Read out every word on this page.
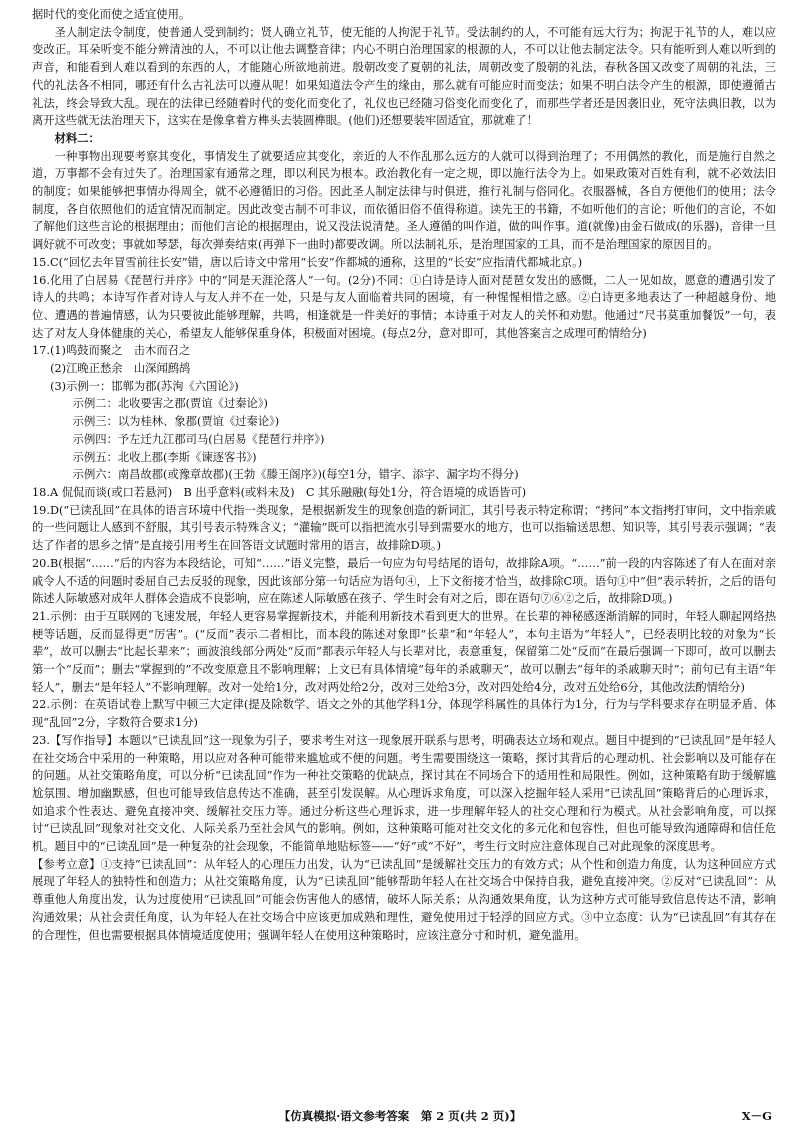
据时代的变化而使之适宜使用。

圣人制定法令制度，使普通人受到制约；贤人确立礼节，使无能的人拘泥于礼节。受法制约的人，不可能有远大行为；拘泥于礼节的人，难以应变改正。耳朵听变不能分辨清浊的人，不可以让他去调整音律；内心不明白治理国家的根源的人，不可以让他去制定法令。只有能听到人难以听到的声音，和能看到人难以看到的东西的人，才能随心所欲地前进。殷朝改变了夏朝的礼法，周朝改变了殷朝的礼法，春秋各国又改变了周朝的礼法，三代的礼法各不相同，哪还有什么古礼法可以遵从呢！如果知道法令产生的缘由，那么就有可能应时而变法；如果不明白法令产生的根源，即使遵循古礼法，终会导致大乱。现在的法律已经随着时代的变化而变化了，礼仪也已经随习俗变化而变化了，而那些学者还是因袭旧业，死守法典旧教，以为离开这些就无法治理天下，这实在是像拿着方榫头去装圆榫眼。(他们)还想要装牢固适宜，那就难了！

材料二：

一种事物出现要考察其变化，事情发生了就要适应其变化，亲近的人不作乱那么远方的人就可以得到治理了；不用偶然的教化，而是施行自然之道，万事都不会有过失了。治理国家有通常之理，即以利民为根本。政治教化有一定之规，即以施行法令为上。如果政策对百姓有利，就不必效法旧的制度；如果能够把事情办得周全，就不必遵循旧的习俗。因此圣人制定法律与时俱进，推行礼制与俗同化。衣服器械，各自方便他们的使用；法令制度，各自依照他们的适宜情况而制定。因此改变古制不可非议，而依循旧俗不值得称道。读先王的书籍，不如听他们的言论；听他们的言论，不如了解他们这些言论的根据理由；而他们言论的根据理由，说又没法说清楚。圣人遵循的叫作道，做的叫作事。道(就像)由金石做成(的乐器)，音律一旦调好就不可改变；事就如琴瑟，每次弹奏结束(再弹下一曲时)都要改调。所以法制礼乐，是治理国家的工具，而不是治理国家的原因目的。

15.C(“回忆去年冒雪前往长安”错，唐以后诗文中常用“长安”作都城的通称，这里的“长安”应指清代都城北京。)

16.化用了白居易《琵琶行并序》中的“同是天涯沦落人”一句。(2分)不同：①白诗是诗人面对琵琶女发出的感慨，二人一见如故，愿意的遭遇引发了诗人的共鸣；本诗写作者对诗人与友人并不在一处，只是与友人面临着共同的困境，有一种惺惺相惜之感。②白诗更多地表达了一种超越身份、地位、遭遇的普遍情感，认为只要彼此能够理解，共鸣，相逢就是一件美好的事情；本诗重于对友人的关怀和劝慰。他通过“尺书莫重加餐饭”一句，表达了对友人身体健康的关心，希望友人能够保重身体，积极面对困境。(每点2分，意对即可，其他答案言之成理可酌情给分)

17.(1)鸣鼓而聚之　击木而召之

(2)江晚正愁余　山深闻鹧鸪

(3)示例一：邯郸为郡(苏洵《六国论》)

示例二：北收要害之郡(贾谊《过秦论》)

示例三：以为桂林、象郡(贾谊《过秦论》)

示例四：予左迁九江郡司马(白居易《琵琶行并序》)

示例五：北收上郡(李斯《谏逐客书》)

示例六：南昌故郡(或豫章故郡)(王勃《滕王阁序》)(每空1分，错字、添字、漏字均不得分)

18.A 侃侃而谈(或口若悬河)　B 出乎意料(或料未及)　C 其乐融融(每处1分，符合语境的成语皆可)

19.D(“已读乱回”在具体的语言环境中代指一类现象，是根据新发生的现象创造的新词汇，其引号表示特定称谓；“拷问”本文指拷打审问，文中指亲戚的一些问题让人感到不舒服，其引号表示特殊含义；“灌输”既可以指把流水引导到需要水的地方，也可以指输送思想、知识等，其引号表示强调；“表达了作者的思乡之情”是直接引用考生在回答语文试题时常用的语言，故排除D项。)

20.B(根据“……”后的内容为本段结论，可知“……”语义完整，最后一句应为句号结尾的语句，故排除A项。“……”前一段的内容陈述了有人在面对亲戚令人不适的问题时委屈自己去反驳的现象，因此该部分第一句话应为语句④，上下文衔接才恰当，故排除C项。语句①中“但”表示转折，之后的语句陈述人际敏感对成年人群体会造成不良影响，应在陈述人际敏感在孩子、学生时会有对之后，即在语句⑦⑥②之后，故排除D项。)

21.示例：由于互联网的飞速发展，年轻人更容易掌握新技术，并能利用新技术看到更大的世界。在长辈的神秘感逐渐消解的同时，年轻人聊起网络热梗等话题，反而显得更“厉害”。(“反而”表示二者相比，而本段的陈述对象即“长辈”和“年轻人”，本句主语为“年轻人”，已经表明比较的对象为“长辈”，故可以删去“比起长辈来”；画波浪线部分两处“反而”都表示年轻人与长辈对比，表意重复，保留第二处“反而”在最后强调一下即可，故可以删去第一个“反而”；删去“掌握到的”不改变原意且不影响理解；上文已有具体情境“每年的杀戚聊天”，故可以删去“每年的杀戚聊天时”；前句已有主语“年轻人”，删去“是年轻人”不影响理解。改对一处给1分，改对两处给2分，改对三处给3分，改对四处给4分，改对五处给6分，其他改法酌情给分)

22.示例：在英语试卷上默写中顿三大定律(提及除数学、语文之外的其他学科1分，体现学科属性的具体行为1分，行为与学科要求存在明显矛盾、体现“乱回”2分，字数符合要求1分)

23.【写作指导】本题以“已读乱回”这一现象为引子，要求考生对这一现象展开联系与思考，明确表达立场和观点。题目中提到的“已读乱回”是年轻人在社交场合中采用的一种策略，用以应对各种可能带来尴尬或不便的问题。考生需要围绕这一策略，探讨其背后的心理动机、社会影响以及可能存在的问题。从社交策略角度，可以分析“已读乱回”作为一种社交策略的优缺点，探讨其在不同场合下的适用性和局限性。例如，这种策略有助于缓解尴尬氛围、增加幽默感，但也可能导致信息传达不准确，甚至引发误解。从心理诉求角度，可以深入挖掘年轻人采用“已读乱回”策略背后的心理诉求，如追求个性表达、避免直接冲突、缓解社交压力等。通过分析这些心理诉求，进一步理解年轻人的社交心理和行为模式。从社会影响角度，可以探讨“已读乱回”现象对社交文化、人际关系乃至社会风气的影响。例如，这种策略可能对社交文化的多元化和包容性，但也可能导致沟通障碍和信任危机。题目中的“已读乱回”是一种复杂的社会现象，不能简单地贴标签——“好”或“不好”，考生行文时应注意体现自己对此现象的深度思考。

【参考立意】①支持“已读乱回”：从年轻人的心理压力出发，认为“已读乱回”是缓解社交压力的有效方式；从个性和创造力角度，认为这种回应方式展现了年轻人的独特性和创造力；从社交策略角度，认为“已读乱回”能够帮助年轻人在社交场合中保持自我，避免直接冲突。②反对“已读乱回”：从尊重他人角度出发，认为过度使用“已读乱回”可能会伤害他人的感情，破坏人际关系；从沟通效果角度，认为这种方式可能导致信息传达不清，影响沟通效果；从社会责任角度，认为年轻人在社交场合中应该更加成熟和理性，避免使用过于轻浮的回应方式。③中立态度：认为“已读乱回”有其存在的合理性，但也需要根据具体情境适度使用；强调年轻人在使用这种策略时，应该注意分寸和时机，避免滥用。

【仿真模拟·语文参考答案　第 2 页(共 2 页)】	X－G
